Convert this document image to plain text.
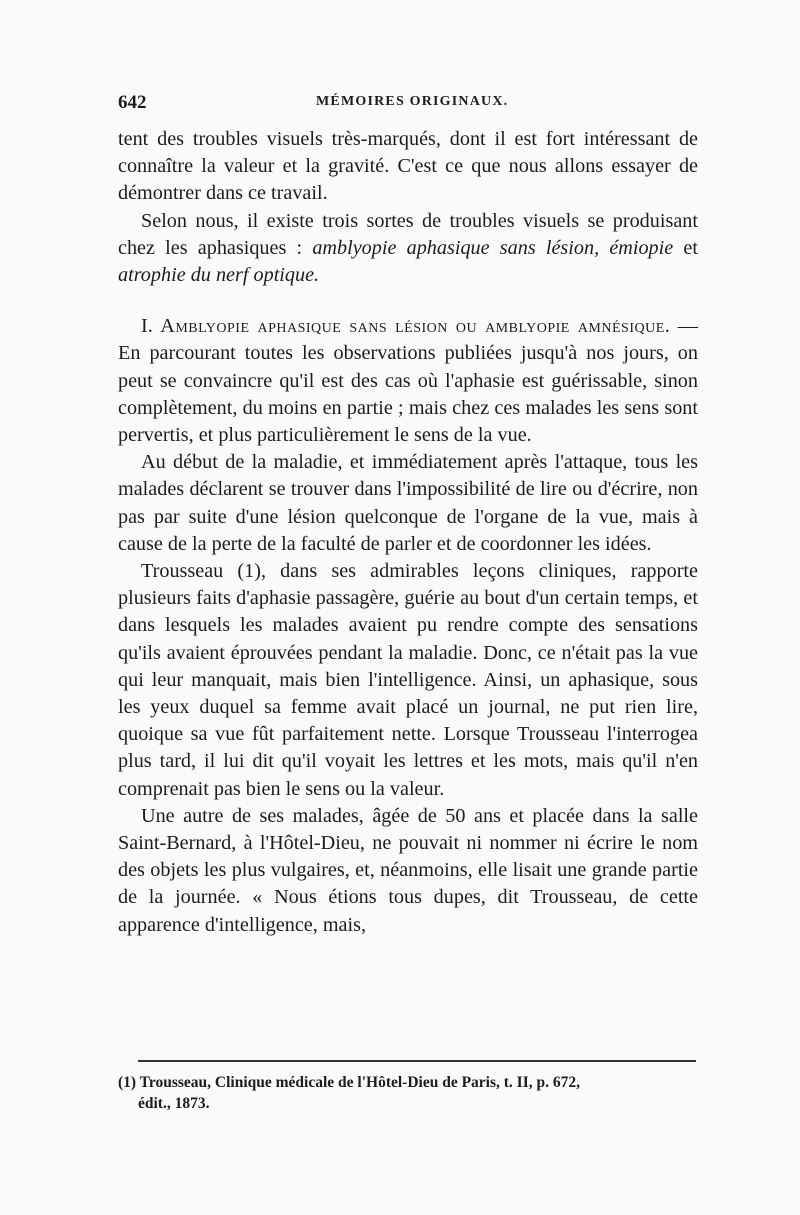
642	MÉMOIRES ORIGINAUX.

tent des troubles visuels très-marqués, dont il est fort intéressant de connaître la valeur et la gravité. C'est ce que nous allons essayer de démontrer dans ce travail.

Selon nous, il existe trois sortes de troubles visuels se produisant chez les aphasiques : amblyopie aphasique sans lésion, émiopie et atrophie du nerf optique.

I. Amblyopie aphasique sans lésion ou amblyopie amnésique. — En parcourant toutes les observations publiées jusqu'à nos jours, on peut se convaincre qu'il est des cas où l'aphasie est guérissable, sinon complètement, du moins en partie ; mais chez ces malades les sens sont pervertis, et plus particulièrement le sens de la vue.

Au début de la maladie, et immédiatement après l'attaque, tous les malades déclarent se trouver dans l'impossibilité de lire ou d'écrire, non pas par suite d'une lésion quelconque de l'organe de la vue, mais à cause de la perte de la faculté de parler et de coordonner les idées.

Trousseau (1), dans ses admirables leçons cliniques, rapporte plusieurs faits d'aphasie passagère, guérie au bout d'un certain temps, et dans lesquels les malades avaient pu rendre compte des sensations qu'ils avaient éprouvées pendant la maladie. Donc, ce n'était pas la vue qui leur manquait, mais bien l'intelligence. Ainsi, un aphasique, sous les yeux duquel sa femme avait placé un journal, ne put rien lire, quoique sa vue fût parfaitement nette. Lorsque Trousseau l'interrogea plus tard, il lui dit qu'il voyait les lettres et les mots, mais qu'il n'en comprenait pas bien le sens ou la valeur.

Une autre de ses malades, âgée de 50 ans et placée dans la salle Saint-Bernard, à l'Hôtel-Dieu, ne pouvait ni nommer ni écrire le nom des objets les plus vulgaires, et, néanmoins, elle lisait une grande partie de la journée. « Nous étions tous dupes, dit Trousseau, de cette apparence d'intelligence, mais,

(1) Trousseau, Clinique médicale de l'Hôtel-Dieu de Paris, t. II, p. 672,
édit., 1873.
